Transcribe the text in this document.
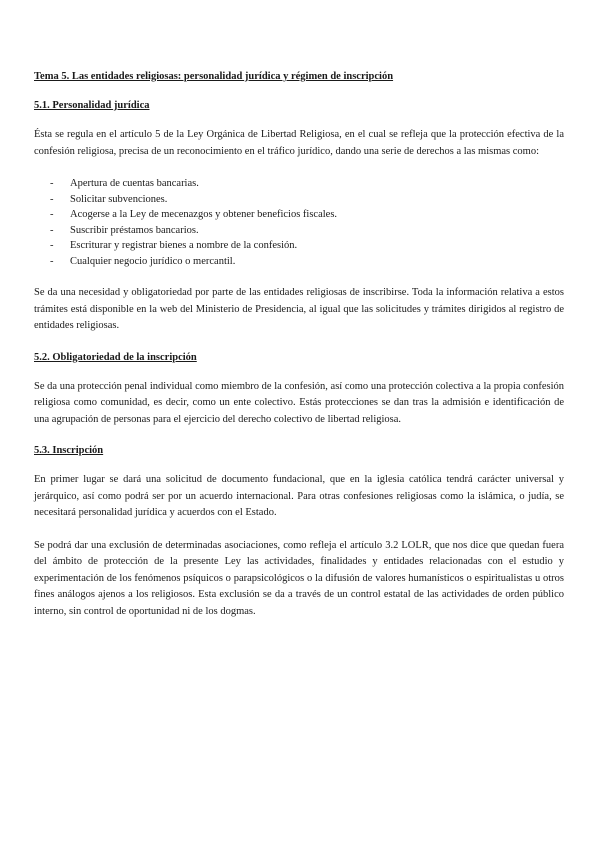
Tema 5. Las entidades religiosas: personalidad jurídica y régimen de inscripción

5.1. Personalidad jurídica

Ésta se regula en el artículo 5 de la Ley Orgánica de Libertad Religiosa, en el cual se refleja que la protección efectiva de la confesión religiosa, precisa de un reconocimiento en el tráfico jurídico, dando una serie de derechos a las mismas como:

- Apertura de cuentas bancarias.
- Solicitar subvenciones.
- Acogerse a la Ley de mecenazgos y obtener beneficios fiscales.
- Suscribir préstamos bancarios.
- Escriturar y registrar bienes a nombre de la confesión.
- Cualquier negocio jurídico o mercantil.

Se da una necesidad y obligatoriedad por parte de las entidades religiosas de inscribirse. Toda la información relativa a estos trámites está disponible en la web del Ministerio de Presidencia, al igual que las solicitudes y trámites dirigidos al registro de entidades religiosas.

5.2. Obligatoriedad de la inscripción

Se da una protección penal individual como miembro de la confesión, así como una protección colectiva a la propia confesión religiosa como comunidad, es decir, como un ente colectivo. Estás protecciones se dan tras la admisión e identificación de una agrupación de personas para el ejercicio del derecho colectivo de libertad religiosa.

5.3. Inscripción

En primer lugar se dará una solicitud de documento fundacional, que en la iglesia católica tendrá carácter universal y jerárquico, así como podrá ser por un acuerdo internacional. Para otras confesiones religiosas como la islámica, o judía, se necesitará personalidad jurídica y acuerdos con el Estado.

Se podrá dar una exclusión de determinadas asociaciones, como refleja el artículo 3.2 LOLR, que nos dice que quedan fuera del ámbito de protección de la presente Ley las actividades, finalidades y entidades relacionadas con el estudio y experimentación de los fenómenos psíquicos o parapsicológicos o la difusión de valores humanísticos o espiritualistas u otros fines análogos ajenos a los religiosos. Esta exclusión se da a través de un control estatal de las actividades de orden público interno, sin control de oportunidad ni de los dogmas.
